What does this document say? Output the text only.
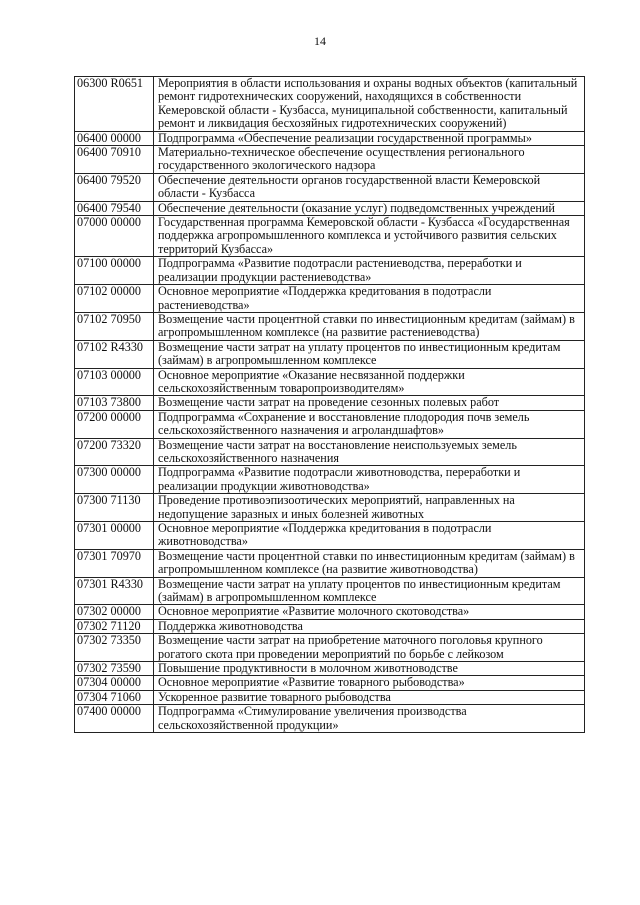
14
06300 R0651	Мероприятия в области использования и охраны водных объектов (капитальный ремонт гидротехнических сооружений, находящихся в собственности Кемеровской области - Кузбасса, муниципальной собственности, капитальный ремонт и ликвидация бесхозяйных гидротехнических сооружений)
06400 00000	Подпрограмма «Обеспечение реализации государственной программы»
06400 70910	Материально-техническое обеспечение осуществления регионального государственного экологического надзора
06400 79520	Обеспечение деятельности органов государственной власти Кемеровской области - Кузбасса
06400 79540	Обеспечение деятельности (оказание услуг) подведомственных учреждений
07000 00000	Государственная программа Кемеровской области - Кузбасса «Государственная поддержка агропромышленного комплекса и устойчивого развития сельских территорий Кузбасса»
07100 00000	Подпрограмма «Развитие подотрасли растениеводства, переработки и реализации продукции растениеводства»
07102 00000	Основное мероприятие «Поддержка кредитования в подотрасли растениеводства»
07102 70950	Возмещение части процентной ставки по инвестиционным кредитам (займам) в агропромышленном комплексе (на развитие растениеводства)
07102 R4330	Возмещение части затрат на уплату процентов по инвестиционным кредитам (займам) в агропромышленном комплексе
07103 00000	Основное мероприятие «Оказание несвязанной поддержки сельскохозяйственным товаропроизводителям»
07103 73800	Возмещение части затрат на проведение сезонных полевых работ
07200 00000	Подпрограмма «Сохранение и восстановление плодородия почв земель сельскохозяйственного назначения и агроландшафтов»
07200 73320	Возмещение части затрат на восстановление неиспользуемых земель сельскохозяйственного назначения
07300 00000	Подпрограмма «Развитие подотрасли животноводства, переработки и реализации продукции животноводства»
07300 71130	Проведение противоэпизоотических мероприятий, направленных на недопущение заразных и иных болезней животных
07301 00000	Основное мероприятие «Поддержка кредитования в подотрасли животноводства»
07301 70970	Возмещение части процентной ставки по инвестиционным кредитам (займам) в агропромышленном комплексе (на развитие животноводства)
07301 R4330	Возмещение части затрат на уплату процентов по инвестиционным кредитам (займам) в агропромышленном комплексе
07302 00000	Основное мероприятие «Развитие молочного скотоводства»
07302 71120	Поддержка животноводства
07302 73350	Возмещение части затрат на приобретение маточного поголовья крупного рогатого скота при проведении мероприятий по борьбе с лейкозом
07302 73590	Повышение продуктивности в молочном животноводстве
07304 00000	Основное мероприятие «Развитие товарного рыбоводства»
07304 71060	Ускоренное развитие товарного рыбоводства
07400 00000	Подпрограмма «Стимулирование увеличения производства сельскохозяйственной продукции»
